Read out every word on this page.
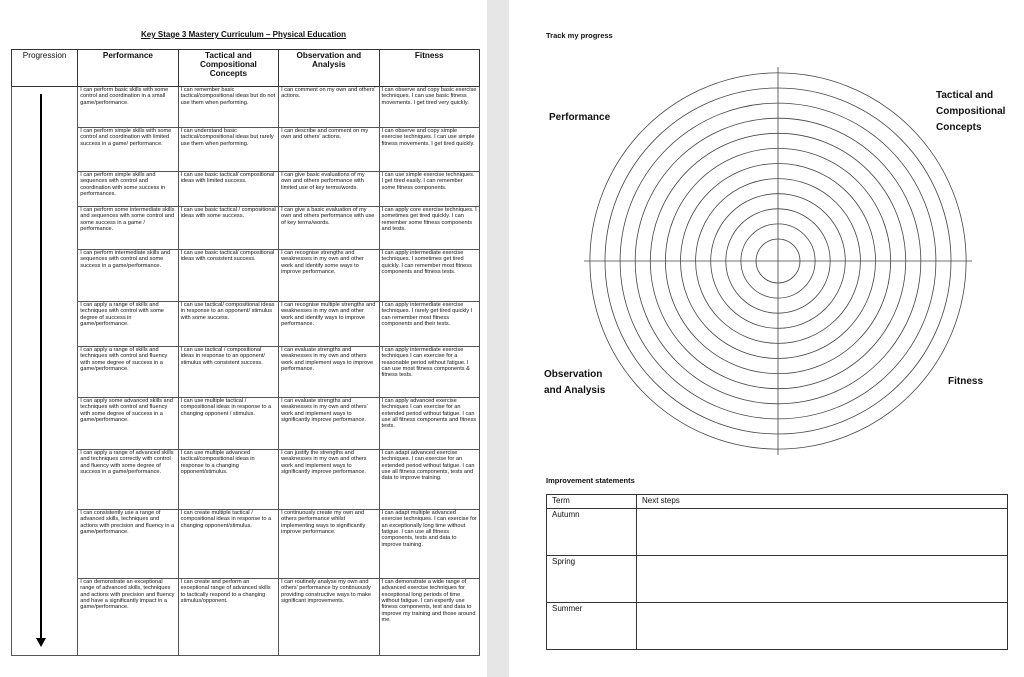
Key Stage 3 Mastery Curriculum – Physical Education
Progression	Performance	Tactical and Compositional Concepts	Observation and Analysis	Fitness
	I can perform basic skills with some control and coordination in a small game/performance.	I can remember basic tactical/compositional ideas but do not use them when performing.	I can comment on my own and others' actions.	I can observe and copy basic exercise techniques. I can use basic fitness movements. I get tired very quickly.
	I can perform simple skills with some control and coordination with limited success in a game/ performance.	I can understand basic tactical/compositional ideas but rarely use them when performing.	I can describe and comment on my own and others' actions.	I can observe and copy simple exercise techniques. I can use simple fitness movements. I get tired quickly.
	I can perform simple skills and sequences with control and coordination with some success in performances.	I can use basic tactical/ compositional ideas with limited success.	I can give basic evaluations of my own and others performance with limited use of key terms/words.	I can use simple exercise techniques. I get tired easily. I can remember some fitness components.
	I can perform some intermediate skills and sequences with some control and some success in a game / performance.	I can use basic tactical / compositional ideas with some success.	I can give a basic evaluation of my own and others performance with use of key terms/words.	I can apply core exercise techniques. I sometimes get tired quickly. I can remember some fitness components and tests.
	I can perform intermediate skills and sequences with control and some success in a game/performance.	I can use basic tactical/ compositional ideas with consistent success.	I can recognise strengths and weaknesses in my own and other work and identify some ways to improve performance.	I can apply intermediate exercise techniques. I sometimes get tired quickly. I can remember most fitness components and fitness tests.
	I can apply a range of skills and techniques with control with some degree of success in game/performance.	I can use tactical/ compositional ideas in response to an opponent/ stimulus with some success.	I can recognise multiple strengths and weaknesses in my own and other work and identify ways to improve performance.	I can apply intermediate exercise techniques. I rarely get tired quickly I can remember most fitness components and their tests.
	I can apply a range of skills and techniques with control and fluency with some degree of success in a game/performance.	I can use tactical / compositional ideas in response to an opponent/ stimulus with consistent success.	I can evaluate strengths and weaknesses in my own and others work and implement ways to improve performance.	I can apply intermediate exercise techniques I can exercise for a reasonable period without fatigue. I can use most fitness components & fitness tests.
	I can apply some advanced skills and techniques with control and fluency with some degree of success in a game/performance.	I can use multiple tactical / compositional ideas in response to a changing opponent / stimulus.	I can evaluate strengths and weaknesses in my own and others' work and implement ways to significantly improve performance.	I can apply advanced exercise techniques I can exercise for an extended period without fatigue. I can use all fitness components and fitness tests.
	I can apply a range of advanced skills and techniques correctly with control and fluency with some degree of success in a game/performance.	I can use multiple advanced tactical/compositional ideas in response to a changing opponent/stimulus.	I can justify the strengths and weaknesses in my own and others work and implement ways to significantly improve performance.	I can adapt advanced exercise techniques. I can exercise for an extended period without fatigue. I can use all fitness components, tests and data to improve training.
	I can consistently use a range of advanced skills, techniques and actions with precision and fluency in a game/performance.	I can create multiple tactical / compositional ideas in response to a changing opponent/stimulus.	I continuously create my own and others performance whilst implementing ways to significantly improve performance.	I can adapt multiple advanced exercise techniques. I can exercise for an exceptionally long time without fatigue. I can use all fitness components, tests and data to improve training.
	I can demonstrate an exceptional range of advanced skills, techniques and actions with precision and fluency and have a significantly impact in a game/performance.	I can create and perform an exceptional range of advanced skills to tactically respond to a changing stimulus/opponent.	I can routinely analyse my own and others' performance by continuously providing constructive ways to make significant improvements.	I can demonstrate a wide range of advanced exercise techniques for exceptional long periods of time without fatigue. I can expertly use fitness components, test and data to improve my training and those around me.
Track my progress
Performance
Tactical and
Compositional
Concepts
Observation
and Analysis
Fitness
Improvement statements
Term	Next steps
Autumn	
Spring	
Summer	
